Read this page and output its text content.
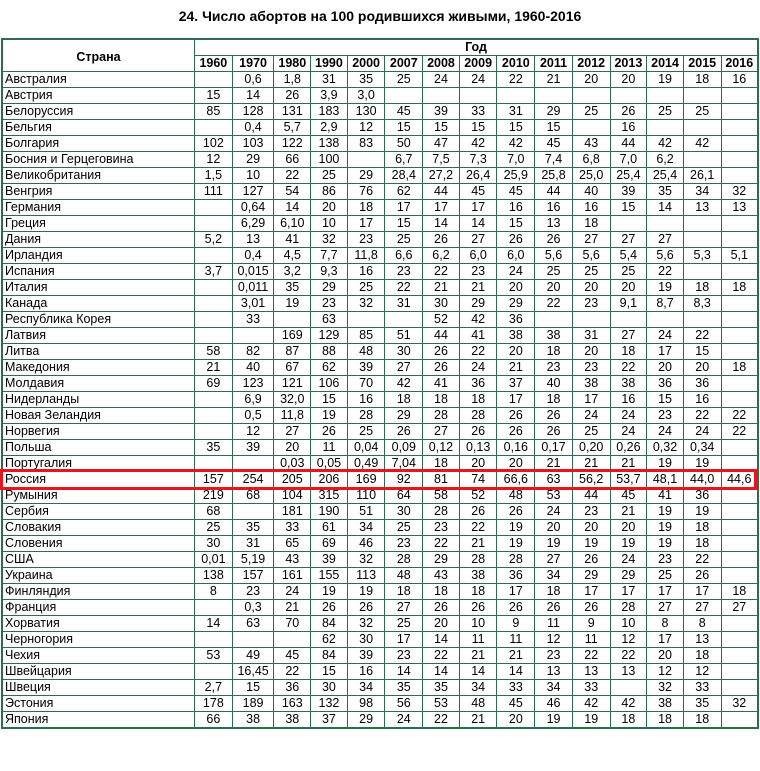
24. Число абортов на 100 родившихся живыми, 1960-2016
Страна	Год														
	1960	1970	1980	1990	2000	2007	2008	2009	2010	2011	2012	2013	2014	2015	2016
Австралия		0,6	1,8	31	35	25	24	24	22	21	20	20	19	18	16
Австрия	15	14	26	3,9	3,0										
Белоруссия	85	128	131	183	130	45	39	33	31	29	25	26	25	25	
Бельгия		0,4	5,7	2,9	12	15	15	15	15	15		16			
Болгария	102	103	122	138	83	50	47	42	42	45	43	44	42	42	
Босния и Герцеговина	12	29	66	100		6,7	7,5	7,3	7,0	7,4	6,8	7,0	6,2		
Великобритания	1,5	10	22	25	29	28,4	27,2	26,4	25,9	25,8	25,0	25,4	25,4	26,1	
Венгрия	111	127	54	86	76	62	44	45	45	44	40	39	35	34	32
Германия		0,64	14	20	18	17	17	17	16	16	16	15	14	13	13
Греция		6,29	6,10	10	17	15	14	14	15	13	18				
Дания	5,2	13	41	32	23	25	26	27	26	26	27	27	27		
Ирландия		0,4	4,5	7,7	11,8	6,6	6,2	6,0	6,0	5,6	5,6	5,4	5,6	5,3	5,1
Испания	3,7	0,015	3,2	9,3	16	23	22	23	24	25	25	25	22		
Италия		0,011	35	29	25	22	21	21	20	20	20	20	19	18	18
Канада		3,01	19	23	32	31	30	29	29	22	23	9,1	8,7	8,3	
Республика Корея		33		63			52	42	36						
Латвия			169	129	85	51	44	41	38	38	31	27	24	22	
Литва	58	82	87	88	48	30	26	22	20	18	20	18	17	15	
Македония	21	40	67	62	39	27	26	24	21	23	23	22	20	20	18
Молдавия	69	123	121	106	70	42	41	36	37	40	38	38	36	36	
Нидерланды		6,9	32,0	15	16	18	18	18	17	18	17	16	15	16	
Новая Зеландия		0,5	11,8	19	28	29	28	28	26	26	24	24	23	22	22
Норвегия		12	27	26	25	26	27	26	26	26	25	24	24	24	22
Польша	35	39	20	11	0,04	0,09	0,12	0,13	0,16	0,17	0,20	0,26	0,32	0,34	
Португалия			0,03	0,05	0,49	7,04	18	20	20	21	21	21	19	19	
Россия	157	254	205	206	169	92	81	74	66,6	63	56,2	53,7	48,1	44,0	44,6
Румыния	219	68	104	315	110	64	58	52	48	53	44	45	41	36	
Сербия	68		181	190	51	30	28	26	26	24	23	21	19	19	
Словакия	25	35	33	61	34	25	23	22	19	20	20	20	19	18	
Словения	30	31	65	69	46	23	22	21	19	19	19	19	19	18	
США	0,01	5,19	43	39	32	28	29	28	28	27	26	24	23	22	
Украина	138	157	161	155	113	48	43	38	36	34	29	29	25	26	
Финляндия	8	23	24	19	19	18	18	18	17	18	17	17	17	17	18
Франция		0,3	21	26	26	27	26	26	26	26	26	28	27	27	27
Хорватия	14	63	70	84	32	25	20	10	9	11	9	10	8	8	
Черногория				62	30	17	14	11	11	12	11	12	17	13	
Чехия	53	49	45	84	39	23	22	21	21	23	22	22	20	18	
Швейцария		16,45	22	15	16	14	14	14	14	13	13	13	12	12	
Швеция	2,7	15	36	30	34	35	35	34	33	34	33		32	33	
Эстония	178	189	163	132	98	56	53	48	45	46	42	42	38	35	32
Япония	66	38	38	37	29	24	22	21	20	19	19	18	18	18	
